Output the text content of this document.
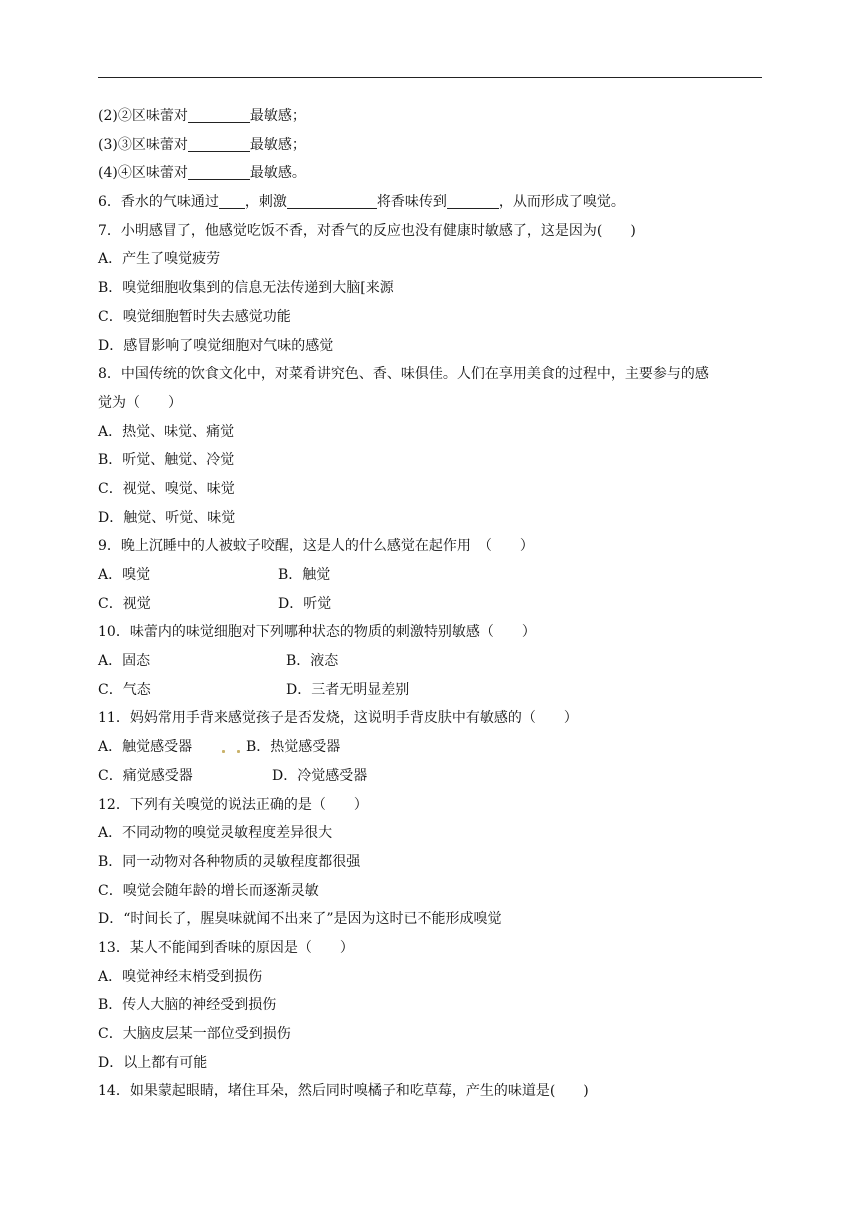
(2)②区味蕾对	最敏感；
(3)③区味蕾对	最敏感；
(4)④区味蕾对	最敏感。
6．香水的气味通过 ，刺激	将香味传到	，从而形成了嗅觉。
7．小明感冒了，他感觉吃饭不香，对香气的反应也没有健康时敏感了，这是因为(　　)
A．产生了嗅觉疲劳
B．嗅觉细胞收集到的信息无法传递到大脑[来源
C．嗅觉细胞暂时失去感觉功能
D．感冒影响了嗅觉细胞对气味的感觉
8．中国传统的饮食文化中，对菜肴讲究色、香、味俱佳。人们在享用美食的过程中，主要参与的感
觉为（　　）
A．热觉、味觉、痛觉
B．听觉、触觉、冷觉
C．视觉、嗅觉、味觉
D．触觉、听觉、味觉
9．晚上沉睡中的人被蚊子咬醒，这是人的什么感觉在起作用　（　　）
A．嗅觉	B．触觉
C．视觉	D．听觉
10．味蕾内的味觉细胞对下列哪种状态的物质的刺激特别敏感（　　）
A．固态	B．液态
C．气态	D．三者无明显差别
11．妈妈常用手背来感觉孩子是否发烧，这说明手背皮肤中有敏感的（　　）
A．触觉感受器	B．热觉感受器
C．痛觉感受器	D．冷觉感受器
12．下列有关嗅觉的说法正确的是（　　）
A．不同动物的嗅觉灵敏程度差异很大
B．同一动物对各种物质的灵敏程度都很强
C．嗅觉会随年龄的增长而逐渐灵敏
D．“时间长了，腥臭味就闻不出来了”是因为这时已不能形成嗅觉
13．某人不能闻到香味的原因是（　　）
A．嗅觉神经末梢受到损伤
B．传人大脑的神经受到损伤
C．大脑皮层某一部位受到损伤
D．以上都有可能
14．如果蒙起眼睛，堵住耳朵，然后同时嗅橘子和吃草莓，产生的味道是(　　)
